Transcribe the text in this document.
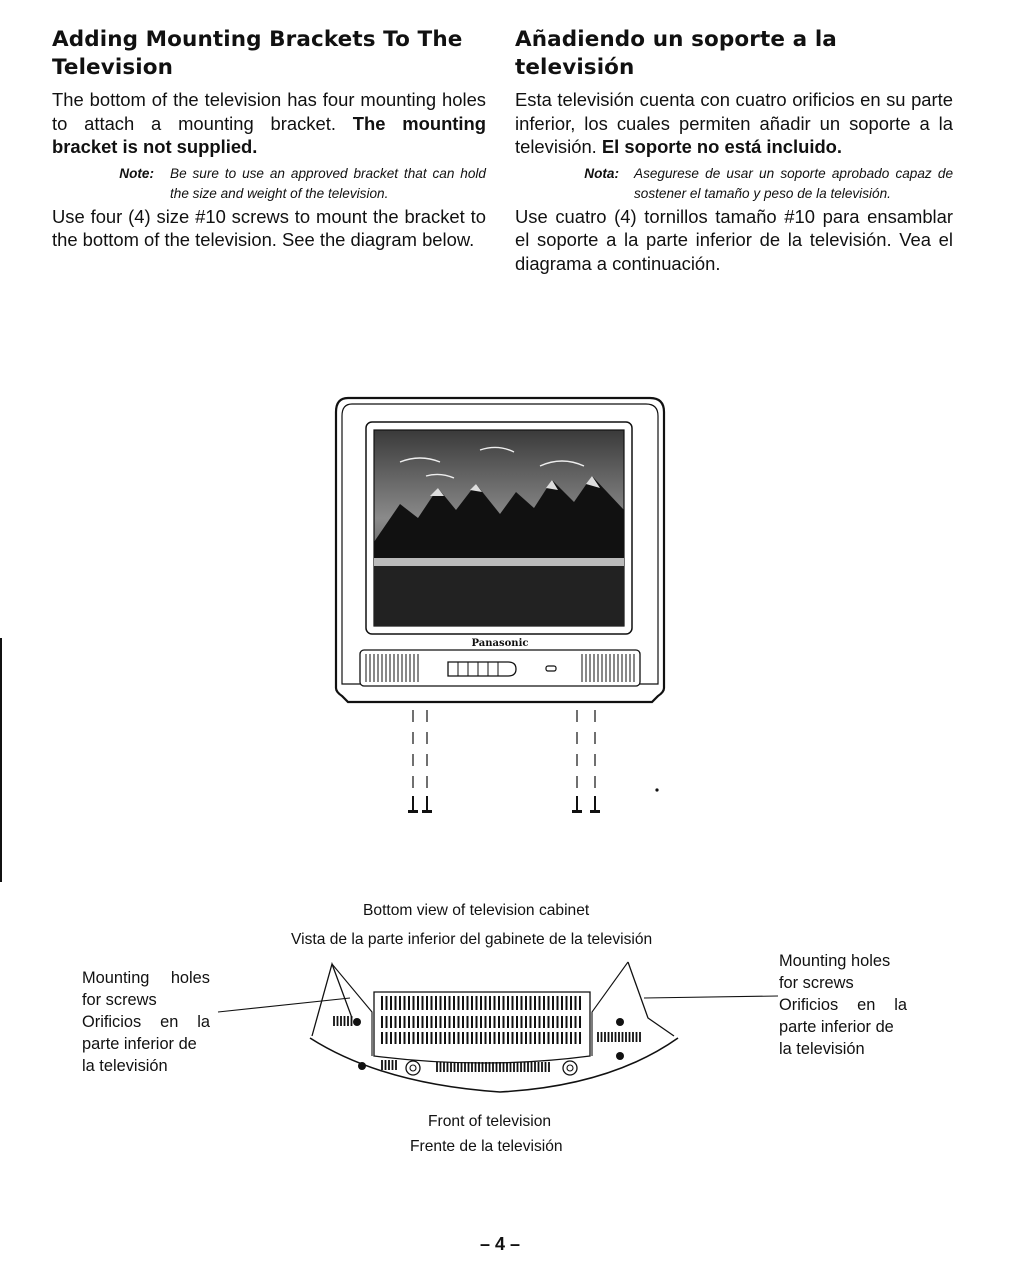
Adding Mounting Brackets To The Television

The bottom of the television has four mounting holes to attach a mounting bracket. The mounting bracket is not supplied.

Note:	Be sure to use an approved bracket that can hold the size and weight of the television.

Use four (4) size #10 screws to mount the bracket to the bottom of the television. See the diagram below.

Añadiendo un soporte a la televisión

Esta televisión cuenta con cuatro orificios en su parte inferior, los cuales permiten añadir un soporte a la televisión. El soporte no está incluido.

Nota:	Asegurese de usar un soporte aprobado capaz de sostener el tamaño y peso de la televisión.

Use cuatro (4) tornillos tamaño #10 para ensamblar el soporte a la parte inferior de la televisión. Vea el diagrama a continuación.

Panasonic
Bottom view of television cabinet
Vista de la parte inferior del gabinete de la televisión
Mounting holes
for screws
Orificios en la
parte inferior de
la televisión
Mounting holes
for screws
Orificios en la
parte inferior de
la televisión
Front of television
Frente de la televisión
– 4 –
